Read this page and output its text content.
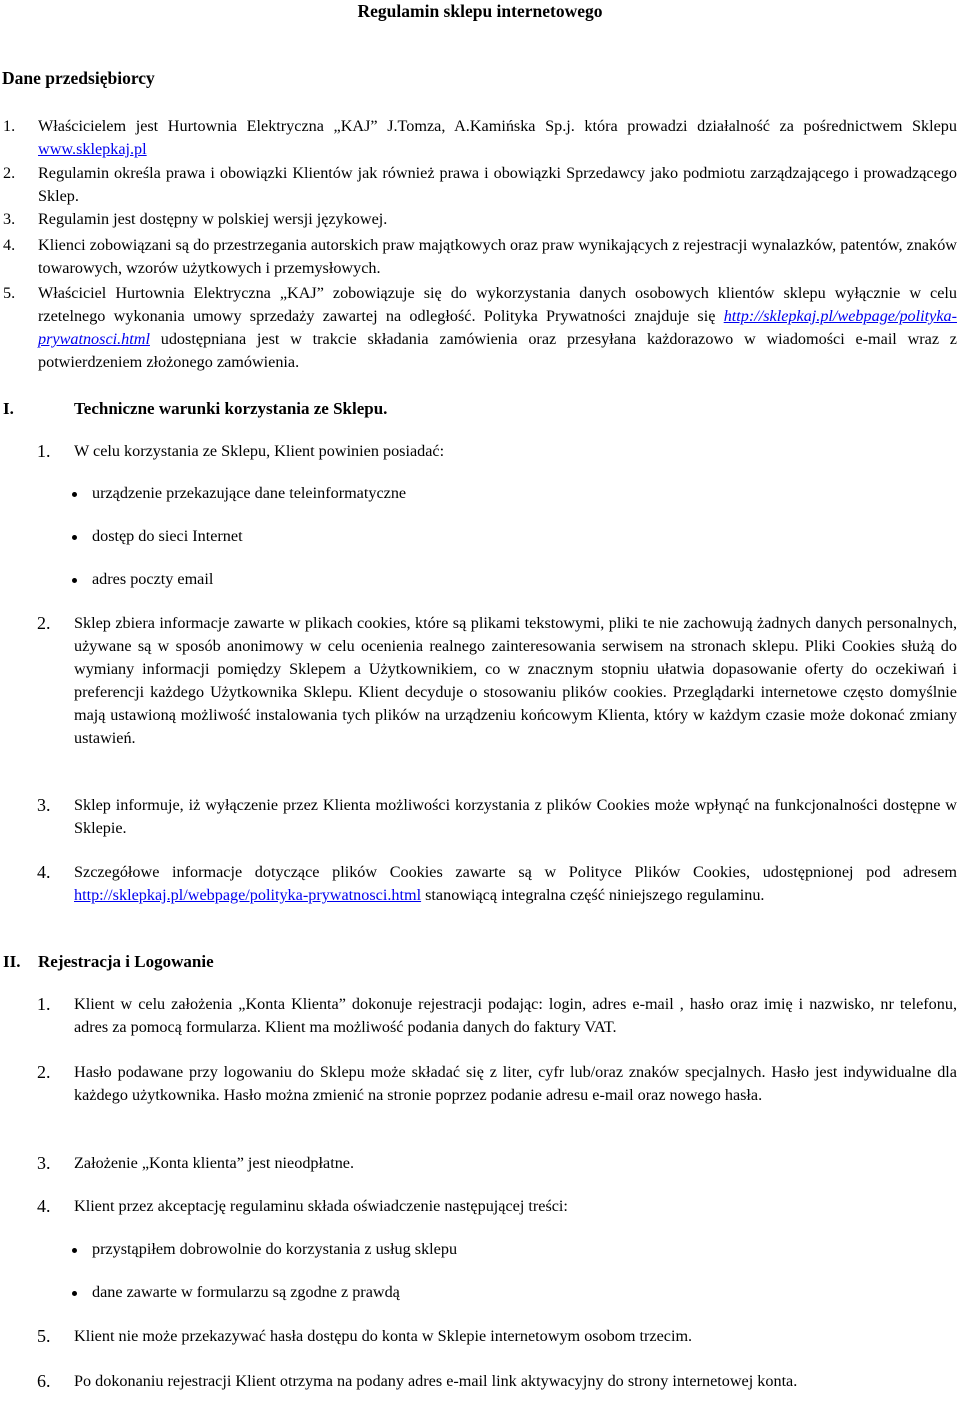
Regulamin sklepu internetowego
Dane przedsiębiorcy
1. Właścicielem jest Hurtownia Elektryczna „KAJ” J.Tomza, A.Kamińska Sp.j. która prowadzi działalność za pośrednictwem Sklepu www.sklepkaj.pl
2. Regulamin określa prawa i obowiązki Klientów jak również prawa i obowiązki Sprzedawcy jako podmiotu zarządzającego i prowadzącego Sklep.
3. Regulamin jest dostępny w polskiej wersji językowej.
4. Klienci zobowiązani są do przestrzegania autorskich praw majątkowych oraz praw wynikających z rejestracji wynalazków, patentów, znaków towarowych, wzorów użytkowych i przemysłowych.
5. Właściciel Hurtownia Elektryczna „KAJ” zobowiązuje się do wykorzystania danych osobowych klientów sklepu wyłącznie w celu rzetelnego wykonania umowy sprzedaży zawartej na odległość. Polityka Prywatności znajduje się http://sklepkaj.pl/webpage/polityka-prywatnosci.html udostępniana jest w trakcie składania zamówienia oraz przesyłana każdorazowo w wiadomości e-mail wraz z potwierdzeniem złożonego zamówienia.
I.	Techniczne warunki korzystania ze Sklepu.
1. W celu korzystania ze Sklepu, Klient powinien posiadać:
urządzenie przekazujące dane teleinformatyczne
dostęp do sieci Internet
adres poczty email
2. Sklep zbiera informacje zawarte w plikach cookies, które są plikami tekstowymi, pliki te nie zachowują żadnych danych personalnych, używane są w sposób anonimowy w celu ocenienia realnego zainteresowania serwisem na stronach sklepu. Pliki Cookies służą do wymiany informacji pomiędzy Sklepem a Użytkownikiem, co w znacznym stopniu ułatwia dopasowanie oferty do oczekiwań i preferencji każdego Użytkownika Sklepu. Klient decyduje o stosowaniu plików cookies. Przeglądarki internetowe często domyślnie mają ustawioną możliwość instalowania tych plików na urządzeniu końcowym Klienta, który w każdym czasie może dokonać zmiany ustawień.
3. Sklep informuje, iż wyłączenie przez Klienta możliwości korzystania z plików Cookies może wpłynąć na funkcjonalności dostępne w Sklepie.
4. Szczegółowe informacje dotyczące plików Cookies zawarte są w Polityce Plików Cookies, udostępnionej pod adresem http://sklepkaj.pl/webpage/polityka-prywatnosci.html stanowiącą integralna część niniejszego regulaminu.
II. Rejestracja i Logowanie
1. Klient w celu założenia „Konta Klienta” dokonuje rejestracji podając: login, adres e-mail , hasło oraz imię i nazwisko, nr telefonu, adres za pomocą formularza. Klient ma możliwość podania danych do faktury VAT.
2. Hasło podawane przy logowaniu do Sklepu może składać się z liter, cyfr lub/oraz znaków specjalnych. Hasło jest indywidualne dla każdego użytkownika. Hasło można zmienić na stronie poprzez podanie adresu e-mail oraz nowego hasła.
3. Założenie „Konta klienta” jest nieodpłatne.
4. Klient przez akceptację regulaminu składa oświadczenie następującej treści:
przystąpiłem dobrowolnie do korzystania z usług sklepu
dane zawarte w formularzu są zgodne z prawdą
5. Klient nie może przekazywać hasła dostępu do konta w Sklepie internetowym osobom trzecim.
6. Po dokonaniu rejestracji Klient otrzyma na podany adres e-mail link aktywacyjny do strony internetowej konta.
